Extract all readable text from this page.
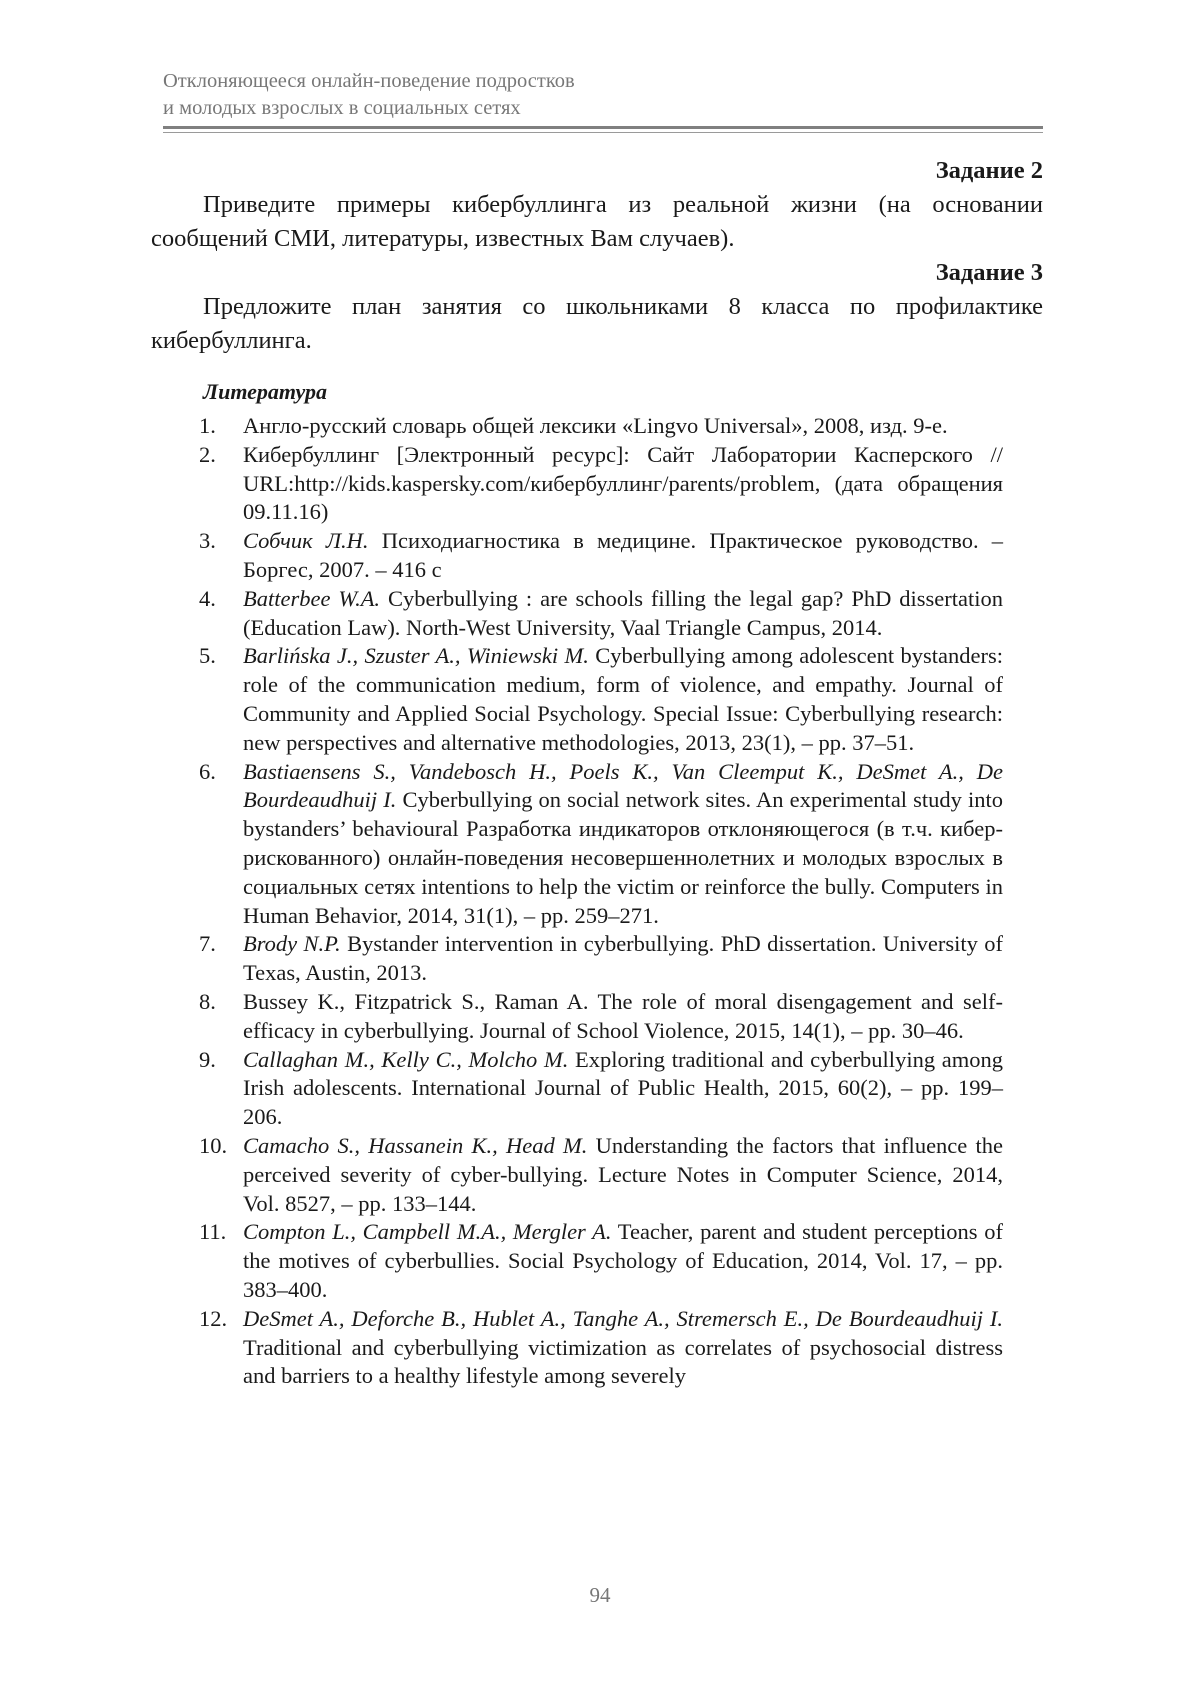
Отклоняющееся онлайн-поведение подростков
и молодых взрослых в социальных сетях

Задание 2

Приведите примеры кибербуллинга из реальной жизни (на основании сообщений СМИ, литературы, известных Вам случаев).

Задание 3

Предложите план занятия со школьниками 8 класса по профилактике кибербуллинга.

Литература

1. Англо-русский словарь общей лексики «Lingvo Universal», 2008, изд. 9-е.
2. Кибербуллинг [Электронный ресурс]: Сайт Лаборатории Касперского // URL:http://kids.kaspersky.com/кибербуллинг/parents/problem, (дата обращения 09.11.16)
3. Собчик Л.Н. Психодиагностика в медицине. Практическое руководство. – Боргес, 2007. – 416 с
4. Batterbee W.A. Cyberbullying : are schools filling the legal gap? PhD dissertation (Education Law). North-West University, Vaal Triangle Campus, 2014.
5. Barlińska J., Szuster A., Winiewski M. Cyberbullying among adolescent bystanders: role of the communication medium, form of violence, and empathy. Journal of Community and Applied Social Psychology. Special Issue: Cyberbullying research: new perspectives and alternative methodologies, 2013, 23(1), – pp. 37–51.
6. Bastiaensens S., Vandebosch H., Poels K., Van Cleemput K., DeSmet A., De Bourdeaudhuij I. Cyberbullying on social network sites. An experimental study into bystanders’ behavioural Разработка индикаторов отклоняющегося (в т.ч. кибер-рискованного) онлайн-поведения несовершеннолетних и молодых взрослых в социальных сетях intentions to help the victim or reinforce the bully. Computers in Human Behavior, 2014, 31(1), – pp. 259–271.
7. Brody N.P. Bystander intervention in cyberbullying. PhD dissertation. University of Texas, Austin, 2013.
8. Bussey K., Fitzpatrick S., Raman A. The role of moral disengagement and self-efficacy in cyberbullying. Journal of School Violence, 2015, 14(1), – pp. 30–46.
9. Callaghan M., Kelly C., Molcho M. Exploring traditional and cyberbullying among Irish adolescents. International Journal of Public Health, 2015, 60(2), – pp. 199–206.
10. Camacho S., Hassanein K., Head M. Understanding the factors that influence the perceived severity of cyber-bullying. Lecture Notes in Computer Science, 2014, Vol. 8527, – pp. 133–144.
11. Compton L., Campbell M.A., Mergler A. Teacher, parent and student perceptions of the motives of cyberbullies. Social Psychology of Education, 2014, Vol. 17, – pp. 383–400.
12. DeSmet A., Deforche B., Hublet A., Tanghe A., Stremersch E., De Bourdeaudhuij I. Traditional and cyberbullying victimization as correlates of psychosocial distress and barriers to a healthy lifestyle among severely
94
